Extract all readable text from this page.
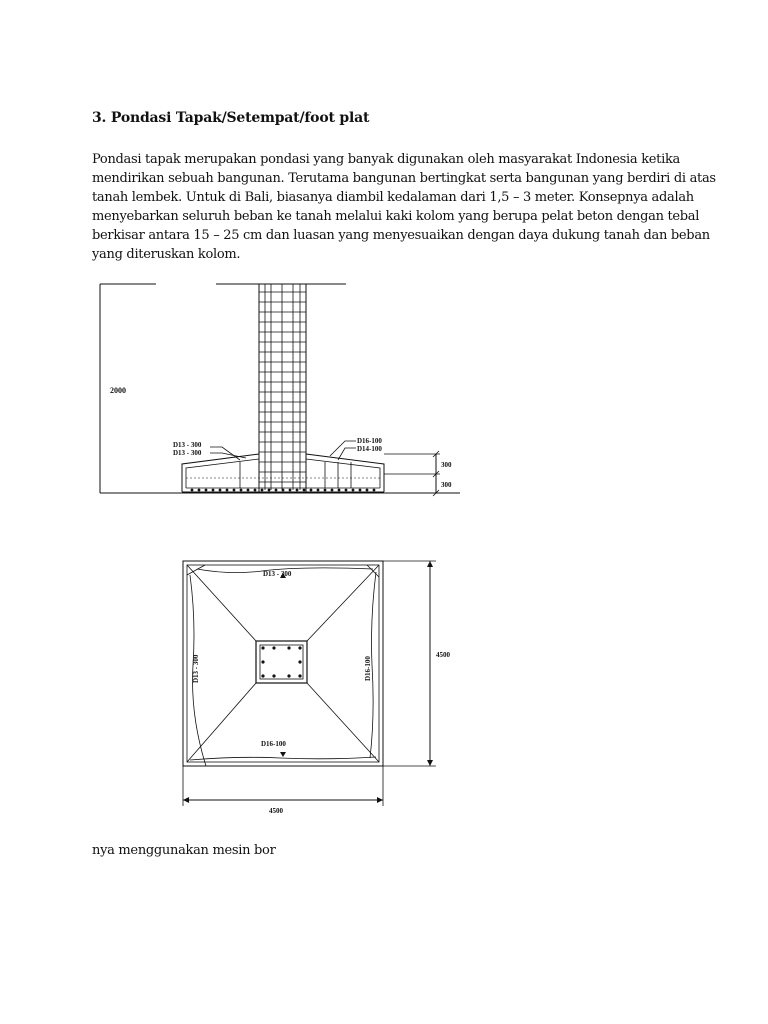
3. Pondasi Tapak/Setempat/foot plat
Pondasi tapak merupakan pondasi yang banyak digunakan oleh masyarakat Indonesia ketika
mendirikan sebuah bangunan. Terutama bangunan bertingkat serta bangunan yang berdiri di atas
tanah lembek. Untuk di Bali, biasanya diambil kedalaman dari 1,5 – 3 meter. Konsepnya adalah
menyebarkan seluruh beban ke tanah melalui kaki kolom yang berupa pelat beton dengan tebal
berkisar antara 15 – 25 cm dan luasan yang menyesuaikan dengan daya dukung tanah dan beban
yang diteruskan kolom.
2000
D13 - 300
D13 - 300
D16-100
D14-100
300
300
D13 - 300
D16-100
D13 - 300	D16-100
4500
4500
nya menggunakan mesin bor
